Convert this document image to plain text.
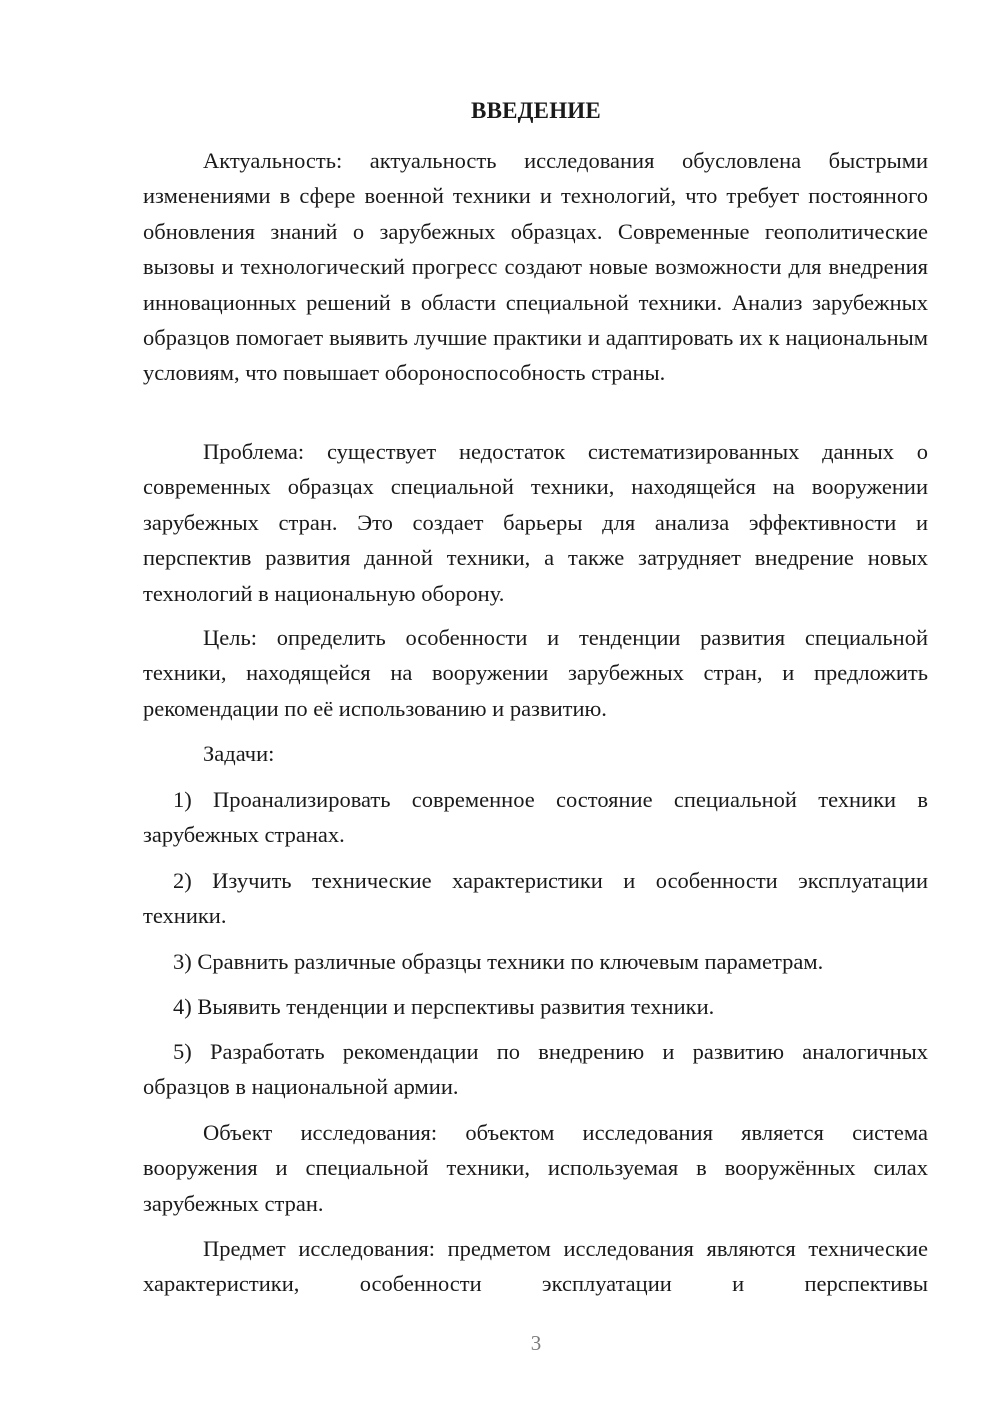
ВВЕДЕНИЕ

Актуальность: актуальность исследования обусловлена быстрыми изменениями в сфере военной техники и технологий, что требует постоянного обновления знаний о зарубежных образцах. Современные геополитические вызовы и технологический прогресс создают новые возможности для внедрения инновационных решений в области специальной техники. Анализ зарубежных образцов помогает выявить лучшие практики и адаптировать их к национальным условиям, что повышает обороноспособность страны.

Проблема: существует недостаток систематизированных данных о современных образцах специальной техники, находящейся на вооружении зарубежных стран. Это создает барьеры для анализа эффективности и перспектив развития данной техники, а также затрудняет внедрение новых технологий в национальную оборону.

Цель: определить особенности и тенденции развития специальной техники, находящейся на вооружении зарубежных стран, и предложить рекомендации по её использованию и развитию.

Задачи:

1) Проанализировать современное состояние специальной техники в зарубежных странах.

2) Изучить технические характеристики и особенности эксплуатации техники.

3) Сравнить различные образцы техники по ключевым параметрам.

4) Выявить тенденции и перспективы развития техники.

5) Разработать рекомендации по внедрению и развитию аналогичных образцов в национальной армии.

Объект исследования: объектом исследования является система вооружения и специальной техники, используемая в вооружённых силах зарубежных стран.

Предмет исследования: предметом исследования являются технические характеристики, особенности эксплуатации и перспективы

3
